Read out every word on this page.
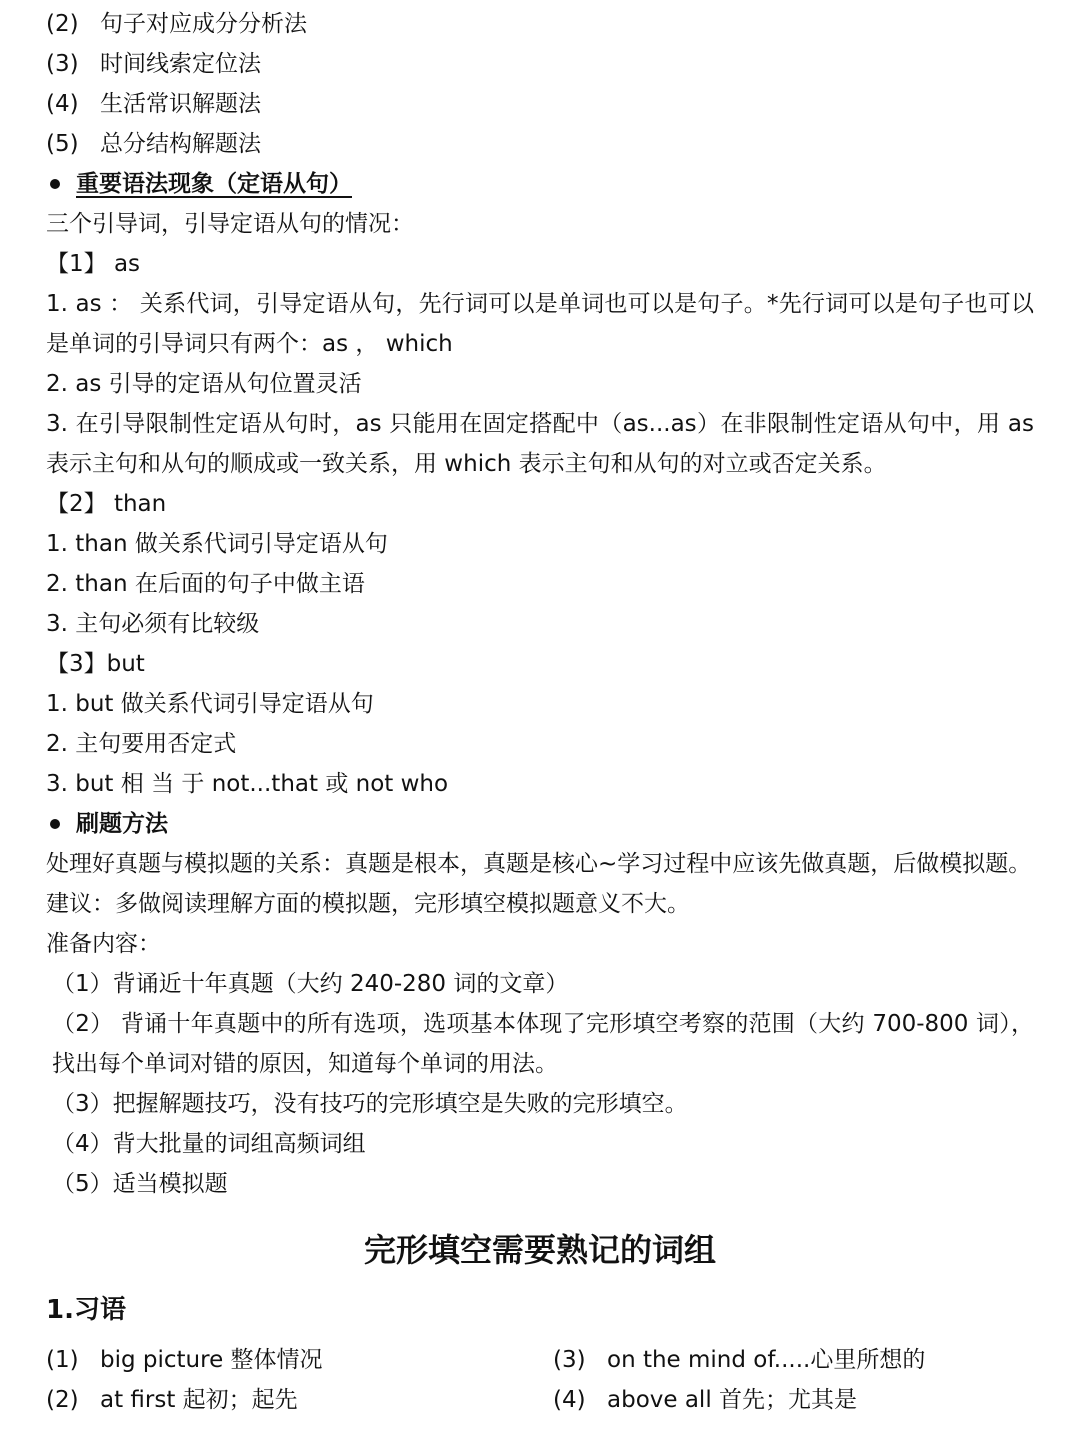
(2) 句子对应成分分析法
(3) 时间线索定位法
(4) 生活常识解题法
(5) 总分结构解题法
重要语法现象（定语从句）
三个引导词，引导定语从句的情况：
【1】 as
1. as ： 关系代词，引导定语从句，先行词可以是单词也可以是句子。*先行词可以是句子也可以是单词的引导词只有两个：as ， which
2. as 引导的定语从句位置灵活
3. 在引导限制性定语从句时，as 只能用在固定搭配中（as...as）在非限制性定语从句中，用 as 表示主句和从句的顺成或一致关系，用 which 表示主句和从句的对立或否定关系。
【2】 than
1. than 做关系代词引导定语从句
2. than 在后面的句子中做主语
3. 主句必须有比较级
【3】but
1. but 做关系代词引导定语从句
2. 主句要用否定式
3. but 相 当 于 not...that 或 not who
刷题方法
处理好真题与模拟题的关系：真题是根本，真题是核心~学习过程中应该先做真题，后做模拟题。
建议：多做阅读理解方面的模拟题，完形填空模拟题意义不大。
准备内容：
（1）背诵近十年真题（大约 240-280 词的文章）
（2） 背诵十年真题中的所有选项，选项基本体现了完形填空考察的范围（大约 700-800 词），找出每个单词对错的原因，知道每个单词的用法。
（3）把握解题技巧，没有技巧的完形填空是失败的完形填空。
（4）背大批量的词组高频词组
（5）适当模拟题
完形填空需要熟记的词组
1.习语
(1) big picture 整体情况	(3) on the mind of.....心里所想的
(2) at first 起初；起先	(4) above all 首先；尤其是
